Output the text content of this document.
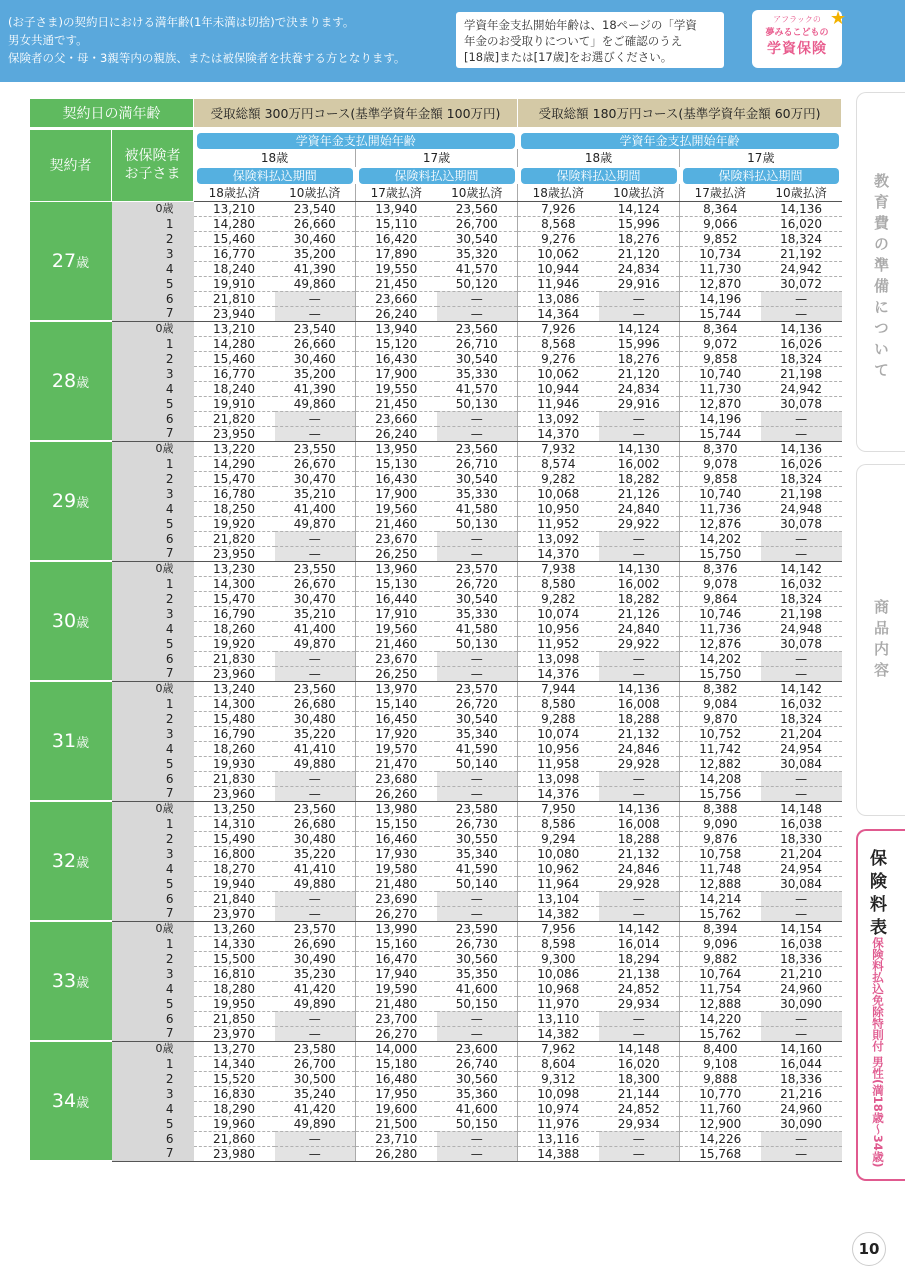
(お子さま)の契約日における満年齢(1年未満は切捨)で決まります。
男女共通です。
保険者の父・母・3親等内の親族、または被保険者を扶養する方となります。
学資年金支払開始年齢は、18ページの「学資
年金のお受取りについて」をご確認のうえ
[18歳]または[17歳]をお選びください。
アフラックの
夢みるこどもの
学資保険
★
契約日の満年齢		受取総額 300万円コース(基準学資年金額 100万円)				受取総額 180万円コース(基準学資年金額 60万円)			

契約者	被保険者
お子さま	学資年金支払開始年齢				学資年金支払開始年齢			

		18歳		17歳		18歳		17歳	

		保険料払込期間		保険料払込期間		保険料払込期間		保険料払込期間	

		18歳払済	10歳払済	17歳払済	10歳払済	18歳払済	10歳払済	17歳払済	10歳払済
27歳	0歳	13,210	23,540	13,940	23,560	7,926	14,124	8,364	14,136
	1	14,280	26,660	15,110	26,700	8,568	15,996	9,066	16,020
	2	15,460	30,460	16,420	30,540	9,276	18,276	9,852	18,324
	3	16,770	35,200	17,890	35,320	10,062	21,120	10,734	21,192
	4	18,240	41,390	19,550	41,570	10,944	24,834	11,730	24,942
	5	19,910	49,860	21,450	50,120	11,946	29,916	12,870	30,072
	6	21,810	—	23,660	—	13,086	—	14,196	—
	7	23,940	—	26,240	—	14,364	—	15,744	—
28歳	0歳	13,210	23,540	13,940	23,560	7,926	14,124	8,364	14,136
	1	14,280	26,660	15,120	26,710	8,568	15,996	9,072	16,026
	2	15,460	30,460	16,430	30,540	9,276	18,276	9,858	18,324
	3	16,770	35,200	17,900	35,330	10,062	21,120	10,740	21,198
	4	18,240	41,390	19,550	41,570	10,944	24,834	11,730	24,942
	5	19,910	49,860	21,450	50,130	11,946	29,916	12,870	30,078
	6	21,820	—	23,660	—	13,092	—	14,196	—
	7	23,950	—	26,240	—	14,370	—	15,744	—
29歳	0歳	13,220	23,550	13,950	23,560	7,932	14,130	8,370	14,136
	1	14,290	26,670	15,130	26,710	8,574	16,002	9,078	16,026
	2	15,470	30,470	16,430	30,540	9,282	18,282	9,858	18,324
	3	16,780	35,210	17,900	35,330	10,068	21,126	10,740	21,198
	4	18,250	41,400	19,560	41,580	10,950	24,840	11,736	24,948
	5	19,920	49,870	21,460	50,130	11,952	29,922	12,876	30,078
	6	21,820	—	23,670	—	13,092	—	14,202	—
	7	23,950	—	26,250	—	14,370	—	15,750	—
30歳	0歳	13,230	23,550	13,960	23,570	7,938	14,130	8,376	14,142
	1	14,300	26,670	15,130	26,720	8,580	16,002	9,078	16,032
	2	15,470	30,470	16,440	30,540	9,282	18,282	9,864	18,324
	3	16,790	35,210	17,910	35,330	10,074	21,126	10,746	21,198
	4	18,260	41,400	19,560	41,580	10,956	24,840	11,736	24,948
	5	19,920	49,870	21,460	50,130	11,952	29,922	12,876	30,078
	6	21,830	—	23,670	—	13,098	—	14,202	—
	7	23,960	—	26,250	—	14,376	—	15,750	—
31歳	0歳	13,240	23,560	13,970	23,570	7,944	14,136	8,382	14,142
	1	14,300	26,680	15,140	26,720	8,580	16,008	9,084	16,032
	2	15,480	30,480	16,450	30,540	9,288	18,288	9,870	18,324
	3	16,790	35,220	17,920	35,340	10,074	21,132	10,752	21,204
	4	18,260	41,410	19,570	41,590	10,956	24,846	11,742	24,954
	5	19,930	49,880	21,470	50,140	11,958	29,928	12,882	30,084
	6	21,830	—	23,680	—	13,098	—	14,208	—
	7	23,960	—	26,260	—	14,376	—	15,756	—
32歳	0歳	13,250	23,560	13,980	23,580	7,950	14,136	8,388	14,148
	1	14,310	26,680	15,150	26,730	8,586	16,008	9,090	16,038
	2	15,490	30,480	16,460	30,550	9,294	18,288	9,876	18,330
	3	16,800	35,220	17,930	35,340	10,080	21,132	10,758	21,204
	4	18,270	41,410	19,580	41,590	10,962	24,846	11,748	24,954
	5	19,940	49,880	21,480	50,140	11,964	29,928	12,888	30,084
	6	21,840	—	23,690	—	13,104	—	14,214	—
	7	23,970	—	26,270	—	14,382	—	15,762	—
33歳	0歳	13,260	23,570	13,990	23,590	7,956	14,142	8,394	14,154
	1	14,330	26,690	15,160	26,730	8,598	16,014	9,096	16,038
	2	15,500	30,490	16,470	30,560	9,300	18,294	9,882	18,336
	3	16,810	35,230	17,940	35,350	10,086	21,138	10,764	21,210
	4	18,280	41,420	19,590	41,600	10,968	24,852	11,754	24,960
	5	19,950	49,890	21,480	50,150	11,970	29,934	12,888	30,090
	6	21,850	—	23,700	—	13,110	—	14,220	—
	7	23,970	—	26,270	—	14,382	—	15,762	—
34歳	0歳	13,270	23,580	14,000	23,600	7,962	14,148	8,400	14,160
	1	14,340	26,700	15,180	26,740	8,604	16,020	9,108	16,044
	2	15,520	30,500	16,480	30,560	9,312	18,300	9,888	18,336
	3	16,830	35,240	17,950	35,360	10,098	21,144	10,770	21,216
	4	18,290	41,420	19,600	41,600	10,974	24,852	11,760	24,960
	5	19,960	49,890	21,500	50,150	11,976	29,934	12,900	30,090
	6	21,860	—	23,710	—	13,116	—	14,226	—
	7	23,980	—	26,280	—	14,388	—	15,768	—
教育費の準備について
商品内容
保険料表
保険料払込免除特則付 男性(満18歳〜34歳)
10
